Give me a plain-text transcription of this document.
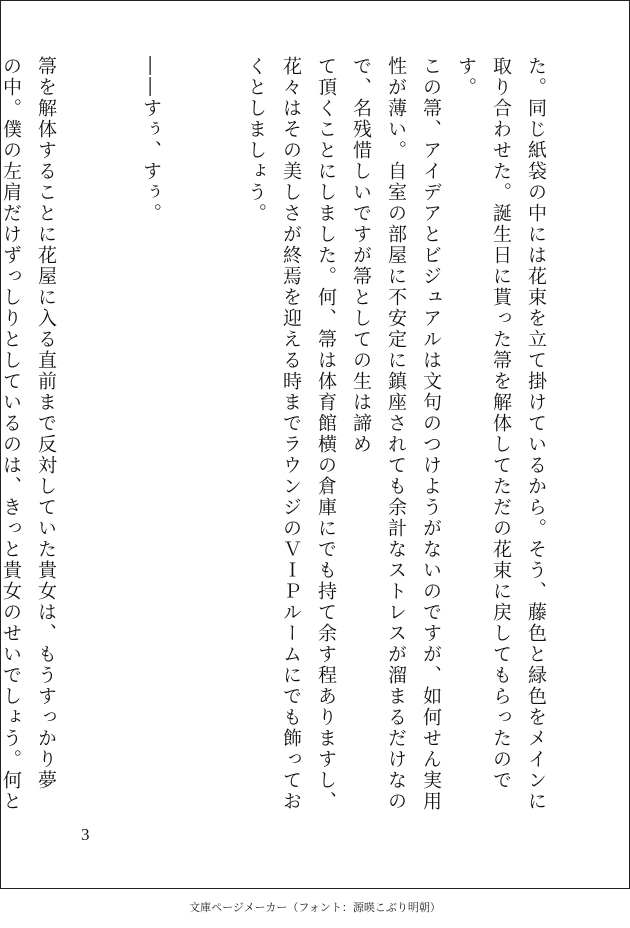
た。同じ紙袋の中には花束を立て掛けているから。そう、藤色と緑色をメインに
取り合わせた。誕生日に貰った箒を解体してただの花束に戻してもらったのです。
この箒、アイデアとビジュアルは文句のつけようがないのですが、如何せん実用
性が薄い。自室の部屋に不安定に鎮座されても余計なストレスが溜まるだけなの
で、名残惜しいですが箒としての生は諦め
て頂くことにしました。何、箒は体育館横の倉庫にでも持て余す程ありますし、
花々はその美しさが終焉を迎える時までラウンジのＶＩＰルームにでも飾ってお
くとしましょう。

――すぅ、すぅ。

箒を解体することに花屋に入る直前まで反対していた貴女は、もうすっかり夢
の中。僕の左肩だけずっしりとしているのは、きっと貴女のせいでしょう。何と

3
文庫ページメーカー（フォント：源暎こぶり明朝）
